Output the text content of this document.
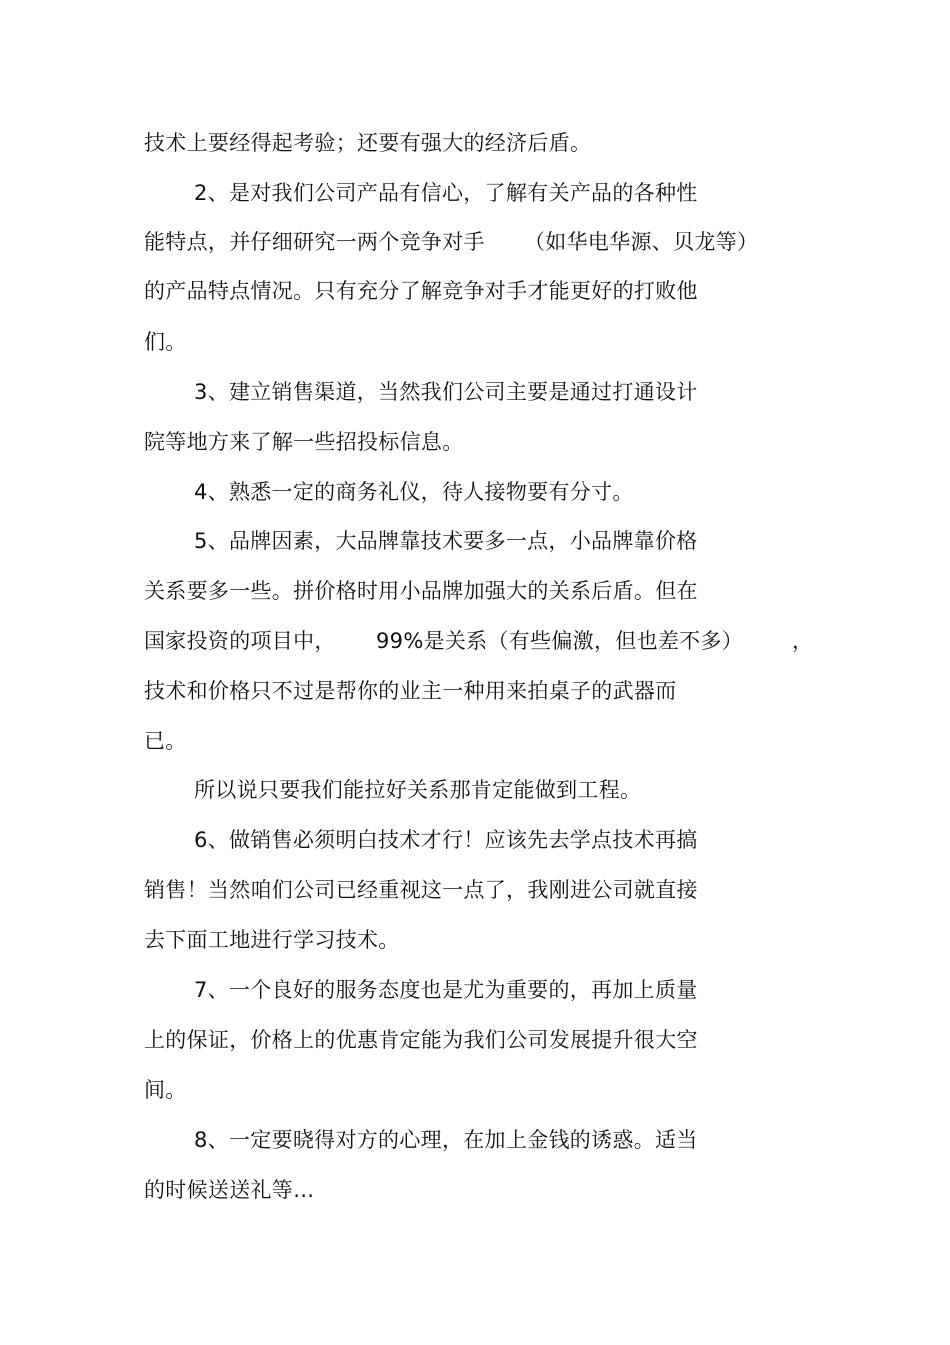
技术上要经得起考验；还要有强大的经济后盾。
2、是对我们公司产品有信心，了解有关产品的各种性
能特点，并仔细研究一两个竞争对手 （如华电华源、贝龙等）
的产品特点情况。只有充分了解竞争对手才能更好的打败他
们。
3、建立销售渠道，当然我们公司主要是通过打通设计
院等地方来了解一些招投标信息。
4、熟悉一定的商务礼仪，待人接物要有分寸。
5、品牌因素，大品牌靠技术要多一点，小品牌靠价格
关系要多一些。拼价格时用小品牌加强大的关系后盾。但在
国家投资的项目中， 99%是关系（有些偏激，但也差不多） ，
技术和价格只不过是帮你的业主一种用来拍桌子的武器而
已。
所以说只要我们能拉好关系那肯定能做到工程。
6、做销售必须明白技术才行！应该先去学点技术再搞
销售！当然咱们公司已经重视这一点了，我刚进公司就直接
去下面工地进行学习技术。
7、一个良好的服务态度也是尤为重要的，再加上质量
上的保证，价格上的优惠肯定能为我们公司发展提升很大空
间。
8、一定要晓得对方的心理，在加上金钱的诱惑。适当
的时候送送礼等…
